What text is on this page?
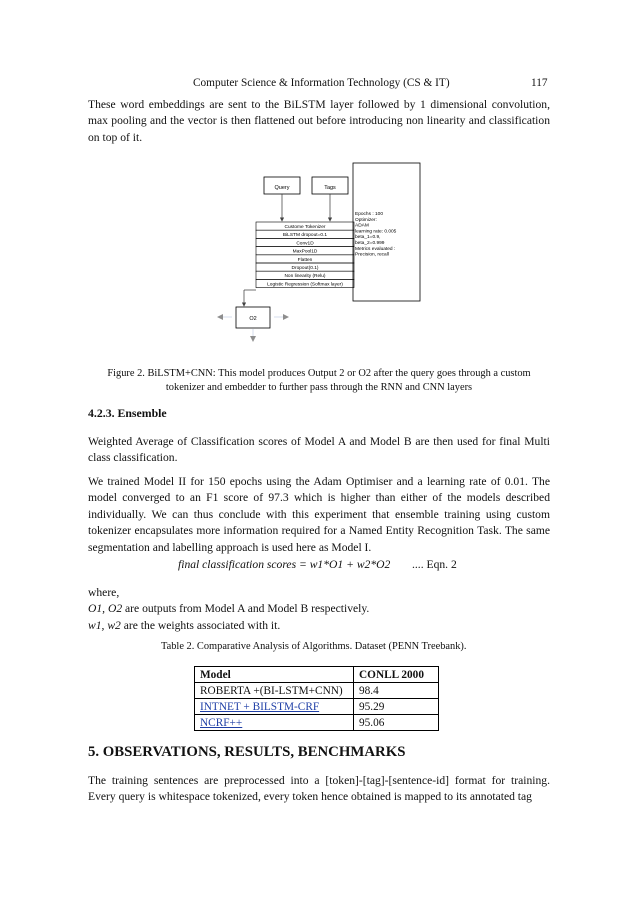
Computer Science & Information Technology (CS & IT)	117
These word embeddings are sent to the BiLSTM layer followed by 1 dimensional convolution, max pooling and the vector is then flattened out before introducing non linearity and classification on top of it.
Epochs : 100
Optimizer:
ADAM
learning rate: 0.005
beta_1=0.9,
beta_2=0.999
Metrics evaluated :
Precision, recall
Query	Tags
Custome Tokenizer
BiLSTM dropout=0.1
Conv1D
MaxPool1D
Flatten
Dropout(0.1)
Non linearity (Relu)
Logistic Regression (Softmax layer)
O2
Figure 2. BiLSTM+CNN: This model produces Output 2 or O2 after the query goes through a custom
tokenizer and embedder to further pass through the RNN and CNN layers
4.2.3. Ensemble
Weighted Average of Classification scores of Model A and Model B are then used for final Multi class classification.
We trained Model II for 150 epochs using the Adam Optimiser and a learning rate of 0.01. The model converged to an F1 score of 97.3 which is higher than either of the models described individually. We can thus conclude with this experiment that ensemble training using custom tokenizer encapsulates more information required for a Named Entity Recognition Task. The same segmentation and labelling approach is used here as Model I.
final classification scores = w1*O1 + w2*O2 .... Eqn. 2
where,
O1, O2 are outputs from Model A and Model B respectively.
w1, w2 are the weights associated with it.
Table 2. Comparative Analysis of Algorithms. Dataset (PENN Treebank).
Model	CONLL 2000
ROBERTA +(BI-LSTM+CNN)	98.4
INTNET + BILSTM-CRF	95.29
NCRF++	95.06
5. OBSERVATIONS, RESULTS, BENCHMARKS
The training sentences are preprocessed into a [token]-[tag]-[sentence-id] format for training. Every query is whitespace tokenized, every token hence obtained is mapped to its annotated tag
